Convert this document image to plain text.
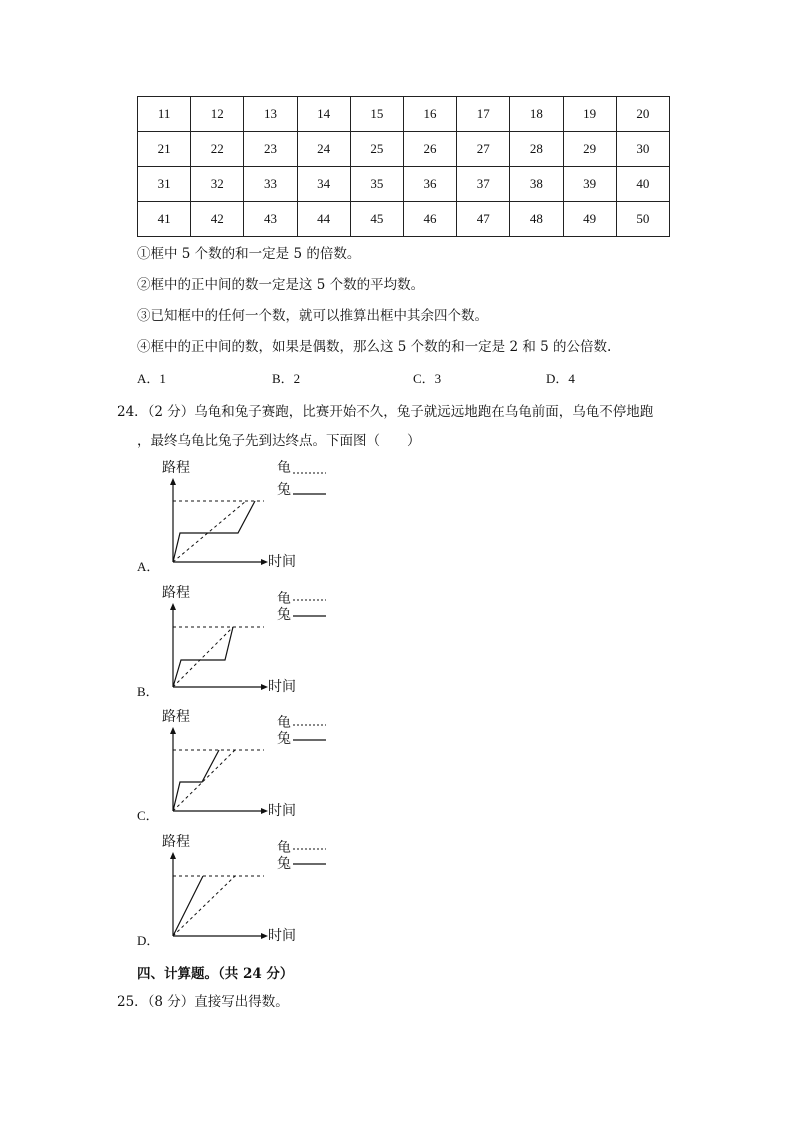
11	12	13	14	15	16	17	18	19	20
21	22	23	24	25	26	27	28	29	30
31	32	33	34	35	36	37	38	39	40
41	42	43	44	45	46	47	48	49	50
①框中 5 个数的和一定是 5 的倍数。
②框中的正中间的数一定是这 5 个数的平均数。
③已知框中的任何一个数，就可以推算出框中其余四个数。
④框中的正中间的数，如果是偶数，那么这 5 个数的和一定是 2 和 5 的公倍数.
A．1	B．2	C．3	D．4
24．（2 分）乌龟和兔子赛跑，比赛开始不久，兔子就远远地跑在乌龟前面，乌龟不停地跑
，最终乌龟比兔子先到达终点。下面图（　　）
路程	龟
兔
时间
A．
路程	龟
兔
时间
B．
路程	龟
兔
时间
C．
路程	龟
兔
时间
D．
四、计算题。（共 24 分）
25．（8 分）直接写出得数。
